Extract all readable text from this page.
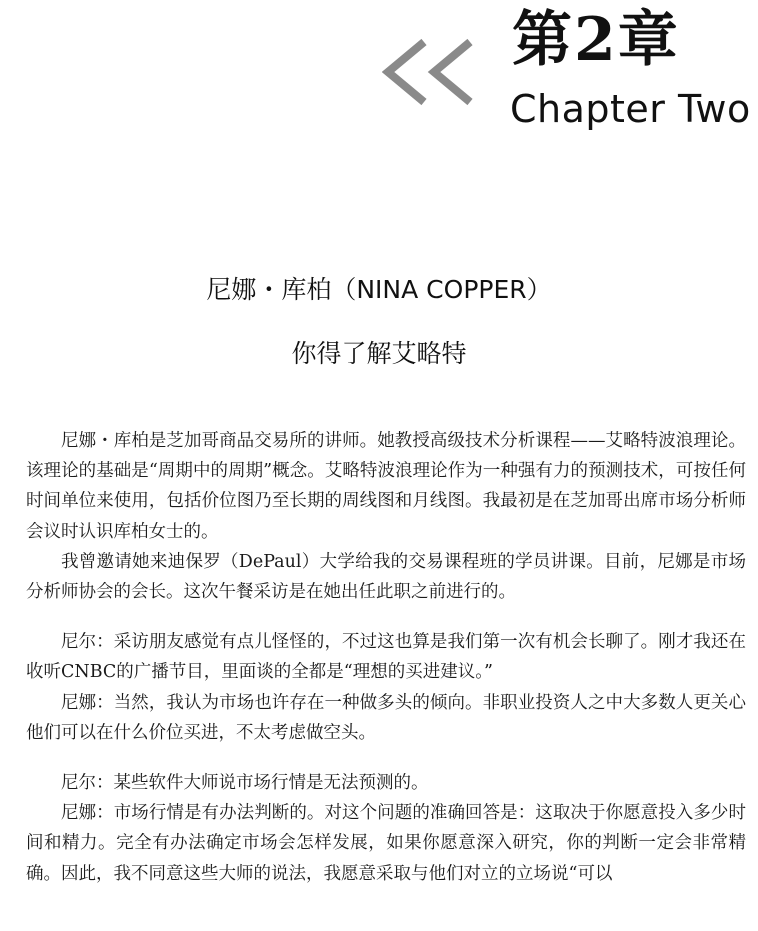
第2章
Chapter Two
尼娜・库柏（NINA COPPER）
你得了解艾略特

尼娜・库柏是芝加哥商品交易所的讲师。她教授高级技术分析课程——艾略特波浪理论。该理论的基础是“周期中的周期”概念。艾略特波浪理论作为一种强有力的预测技术，可按任何时间单位来使用，包括价位图乃至长期的周线图和月线图。我最初是在芝加哥出席市场分析师会议时认识库柏女士的。

我曾邀请她来迪保罗（DePaul）大学给我的交易课程班的学员讲课。目前，尼娜是市场分析师协会的会长。这次午餐采访是在她出任此职之前进行的。

尼尔：采访朋友感觉有点儿怪怪的，不过这也算是我们第一次有机会长聊了。刚才我还在收听CNBC的广播节目，里面谈的全都是“理想的买进建议。”

尼娜：当然，我认为市场也许存在一种做多头的倾向。非职业投资人之中大多数人更关心他们可以在什么价位买进，不太考虑做空头。

尼尔：某些软件大师说市场行情是无法预测的。

尼娜：市场行情是有办法判断的。对这个问题的准确回答是：这取决于你愿意投入多少时间和精力。完全有办法确定市场会怎样发展，如果你愿意深入研究，你的判断一定会非常精确。因此，我不同意这些大师的说法，我愿意采取与他们对立的立场说“可以
